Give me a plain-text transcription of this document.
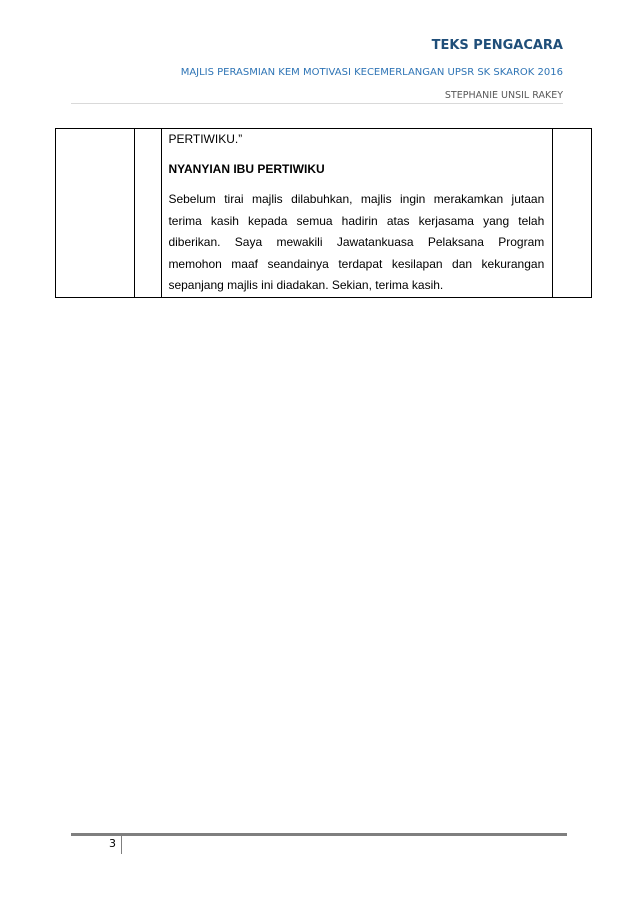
TEKS PENGACARA
MAJLIS PERASMIAN KEM MOTIVASI KECEMERLANGAN UPSR SK SKAROK 2016
STEPHANIE UNSIL RAKEY

PERTIWIKU.”

NYANYIAN IBU PERTIWIKU

Sebelum tirai majlis dilabuhkan, majlis ingin merakamkan jutaan terima kasih kepada semua hadirin atas kerjasama yang telah diberikan. Saya mewakili Jawatankuasa Pelaksana Program memohon maaf seandainya terdapat kesilapan dan kekurangan sepanjang majlis ini diadakan. Sekian, terima kasih.

3
